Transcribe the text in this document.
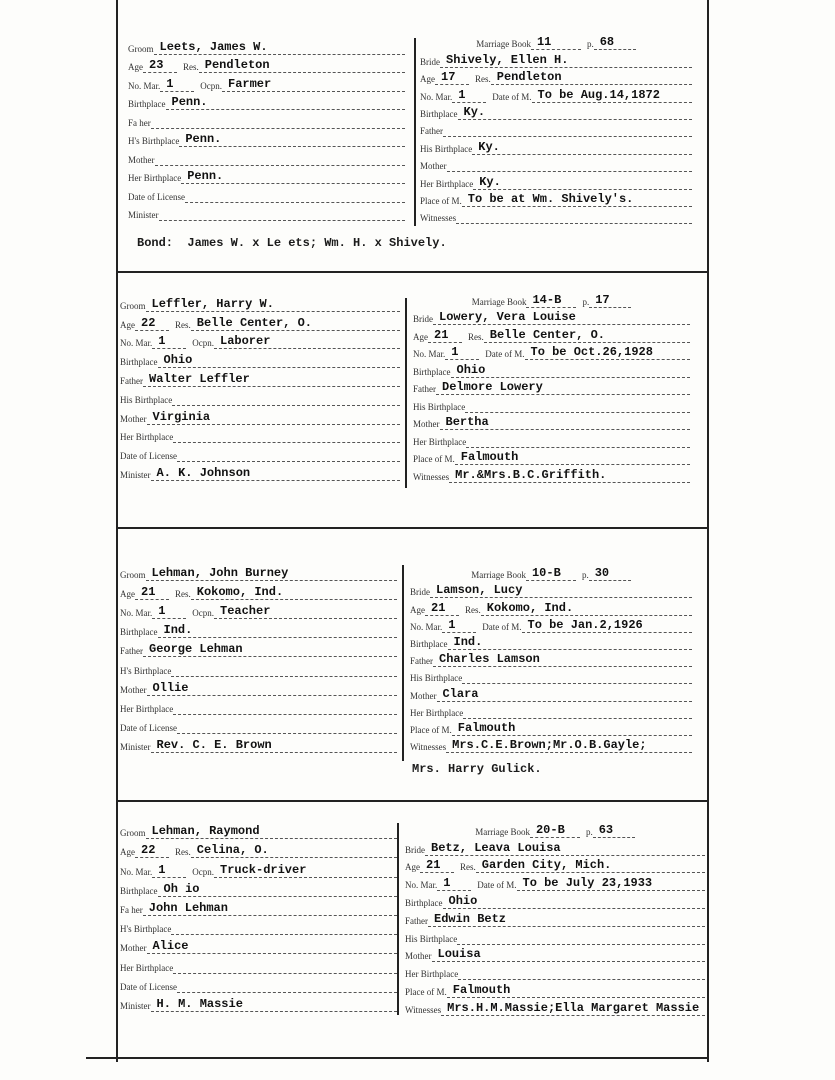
Groom Leets, James W.
Age 23	Res. Pendleton
No. Mar. 1	Ocpn. Farmer
Birthplace Penn.
Fa her
H's Birthplace Penn.
Mother
Her Birthplace Penn.
Date of License
Minister
Marriage Book 11	p. 68
Bride Shively, Ellen H.
Age 17	Res. Pendleton
No. Mar. 1	Date of M. To be Aug.14,1872
Birthplace Ky.
Father
His Birthplace Ky.
Mother
Her Birthplace Ky.
Place of M. To be at Wm. Shively's.
Witnesses
Bond:  James W. x Le ets; Wm. H. x Shively.
Groom Leffler, Harry W.
Age 22	Res. Belle Center, O.
No. Mar. 1	Ocpn. Laborer
Birthplace Ohio
Father Walter Leffler
His Birthplace
Mother Virginia
Her Birthplace
Date of License
Minister A. K. Johnson
Marriage Book 14-B	p. 17
Bride Lowery, Vera Louise
Age 21	Res. Belle Center, O.
No. Mar. 1	Date of M. To be Oct.26,1928
Birthplace Ohio
Father Delmore Lowery
His Birthplace
Mother Bertha
Her Birthplace
Place of M. Falmouth
Witnesses Mr.&Mrs.B.C.Griffith.
Groom Lehman, John Burney
Age 21	Res. Kokomo, Ind.
No. Mar. 1	Ocpn. Teacher
Birthplace Ind.
Father George Lehman
H's Birthplace
Mother Ollie
Her Birthplace
Date of License
Minister Rev. C. E. Brown
Marriage Book 10-B	p. 30
Bride Lamson, Lucy
Age 21	Res. Kokomo, Ind.
No. Mar. 1	Date of M. To be Jan.2,1926
Birthplace Ind.
Father Charles Lamson
His Birthplace
Mother Clara
Her Birthplace
Place of M. Falmouth
Witnesses Mrs.C.E.Brown;Mr.O.B.Gayle;
Mrs. Harry Gulick.
Groom Lehman, Raymond
Age 22	Res. Celina, O.
No. Mar. 1	Ocpn. Truck-driver
Birthplace Oh io
Fa her John Lehman
H's Birthplace
Mother Alice
Her Birthplace
Date of License
Minister H. M. Massie
Marriage Book 20-B	p. 63
Bride Betz, Leava Louisa
Age 21	Res. Garden City, Mich.
No. Mar. 1	Date of M. To be July 23,1933
Birthplace Ohio
Father Edwin Betz
His Birthplace
Mother Louisa
Her Birthplace
Place of M. Falmouth
Witnesses Mrs.H.M.Massie;Ella Margaret Massie
